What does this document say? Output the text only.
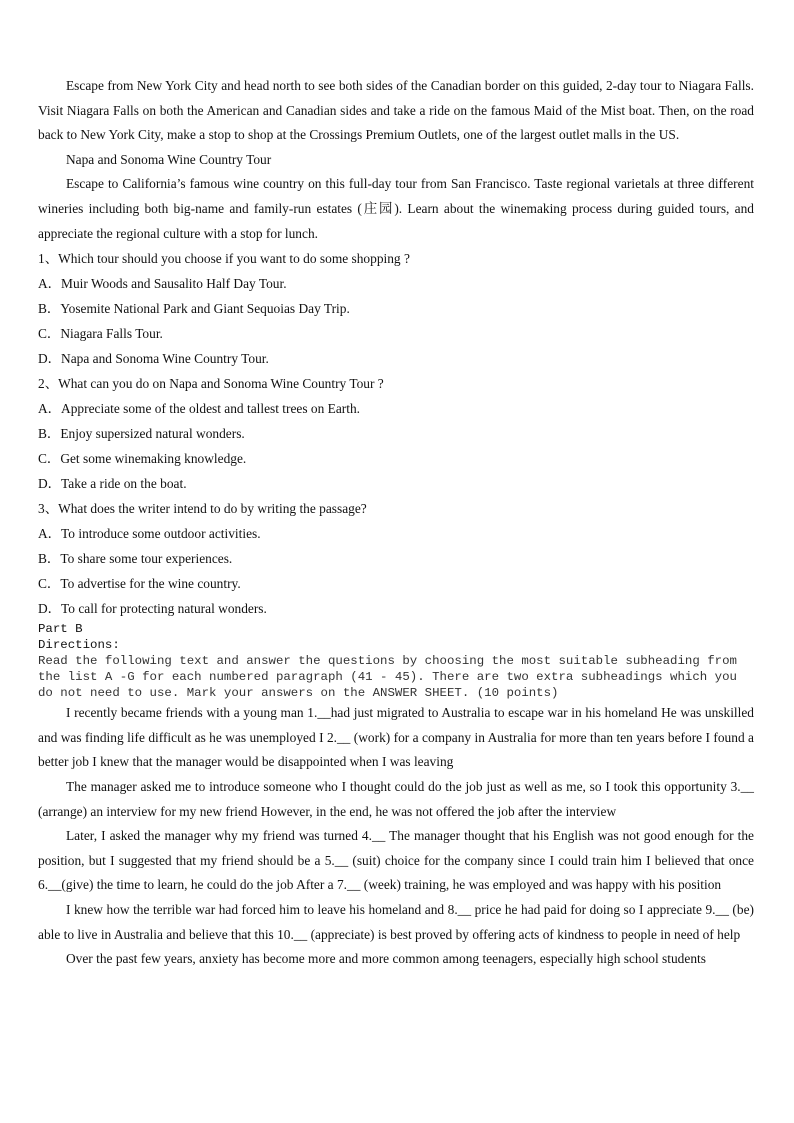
Escape from New York City and head north to see both sides of the Canadian border on this guided, 2-day tour to Niagara Falls. Visit Niagara Falls on both the American and Canadian sides and take a ride on the famous Maid of the Mist boat. Then, on the road back to New York City, make a stop to shop at the Crossings Premium Outlets, one of the largest outlet malls in the US.

Napa and Sonoma Wine Country Tour

Escape to California’s famous wine country on this full-day tour from San Francisco. Taste regional varietals at three different wineries including both big-name and family-run estates (庄园). Learn about the winemaking process during guided tours, and appreciate the regional culture with a stop for lunch.

1、Which tour should you choose if you want to do some shopping ?

A．Muir Woods and Sausalito Half Day Tour.

B．Yosemite National Park and Giant Sequoias Day Trip.

C．Niagara Falls Tour.

D．Napa and Sonoma Wine Country Tour.

2、What can you do on Napa and Sonoma Wine Country Tour ?

A．Appreciate some of the oldest and tallest trees on Earth.

B．Enjoy supersized natural wonders.

C．Get some winemaking knowledge.

D．Take a ride on the boat.

3、What does the writer intend to do by writing the passage?

A．To introduce some outdoor activities.

B．To share some tour experiences.

C．To advertise for the wine country.

D．To call for protecting natural wonders.

Part B

Directions:

Read the following text and answer the questions by choosing the most suitable subheading from the list A -G for each numbered paragraph (41 - 45). There are two extra subheadings which you do not need to use. Mark your answers on the ANSWER SHEET. (10 points)

I recently became friends with a young man 1.__had just migrated to Australia to escape war in his homeland He was unskilled and was finding life difficult as he was unemployed I 2.__ (work) for a company in Australia for more than ten years before I found a better job I knew that the manager would be disappointed when I was leaving

The manager asked me to introduce someone who I thought could do the job just as well as me, so I took this opportunity 3.__ (arrange) an interview for my new friend However, in the end, he was not offered the job after the interview

Later, I asked the manager why my friend was turned 4.__ The manager thought that his English was not good enough for the position, but I suggested that my friend should be a 5.__ (suit) choice for the company since I could train him I believed that once 6.__(give) the time to learn, he could do the job After a 7.__ (week) training, he was employed and was happy with his position

I knew how the terrible war had forced him to leave his homeland and 8.__ price he had paid for doing so I appreciate 9.__ (be) able to live in Australia and believe that this 10.__ (appreciate) is best proved by offering acts of kindness to people in need of help

Over the past few years, anxiety has become more and more common among teenagers, especially high school students
